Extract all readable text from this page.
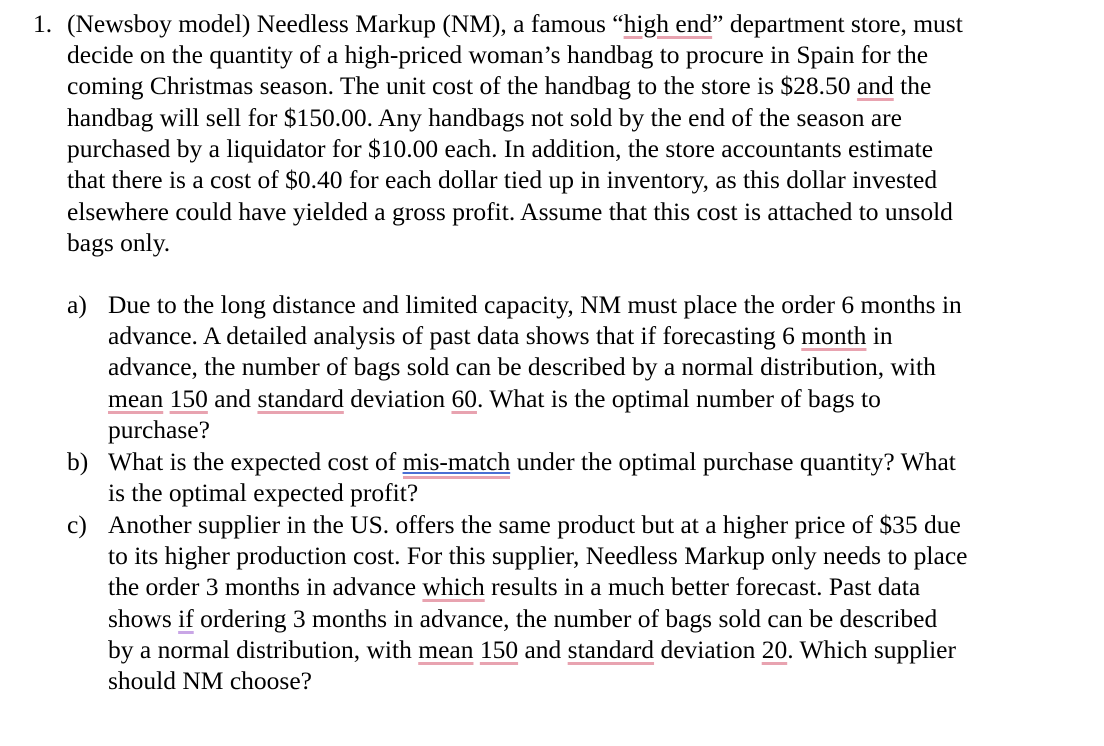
1. (Newsboy model) Needless Markup (NM), a famous “high end” department store, must
decide on the quantity of a high-priced woman’s handbag to procure in Spain for the
coming Christmas season. The unit cost of the handbag to the store is $28.50 and the
handbag will sell for $150.00. Any handbags not sold by the end of the season are
purchased by a liquidator for $10.00 each. In addition, the store accountants estimate
that there is a cost of $0.40 for each dollar tied up in inventory, as this dollar invested
elsewhere could have yielded a gross profit. Assume that this cost is attached to unsold
bags only.
a) Due to the long distance and limited capacity, NM must place the order 6 months in
advance. A detailed analysis of past data shows that if forecasting 6 month in
advance, the number of bags sold can be described by a normal distribution, with
mean 150 and standard deviation 60. What is the optimal number of bags to
purchase?
b) What is the expected cost of mis-match under the optimal purchase quantity? What
is the optimal expected profit?
c) Another supplier in the US. offers the same product but at a higher price of $35 due
to its higher production cost. For this supplier, Needless Markup only needs to place
the order 3 months in advance which results in a much better forecast. Past data
shows if ordering 3 months in advance, the number of bags sold can be described
by a normal distribution, with mean 150 and standard deviation 20. Which supplier
should NM choose?
